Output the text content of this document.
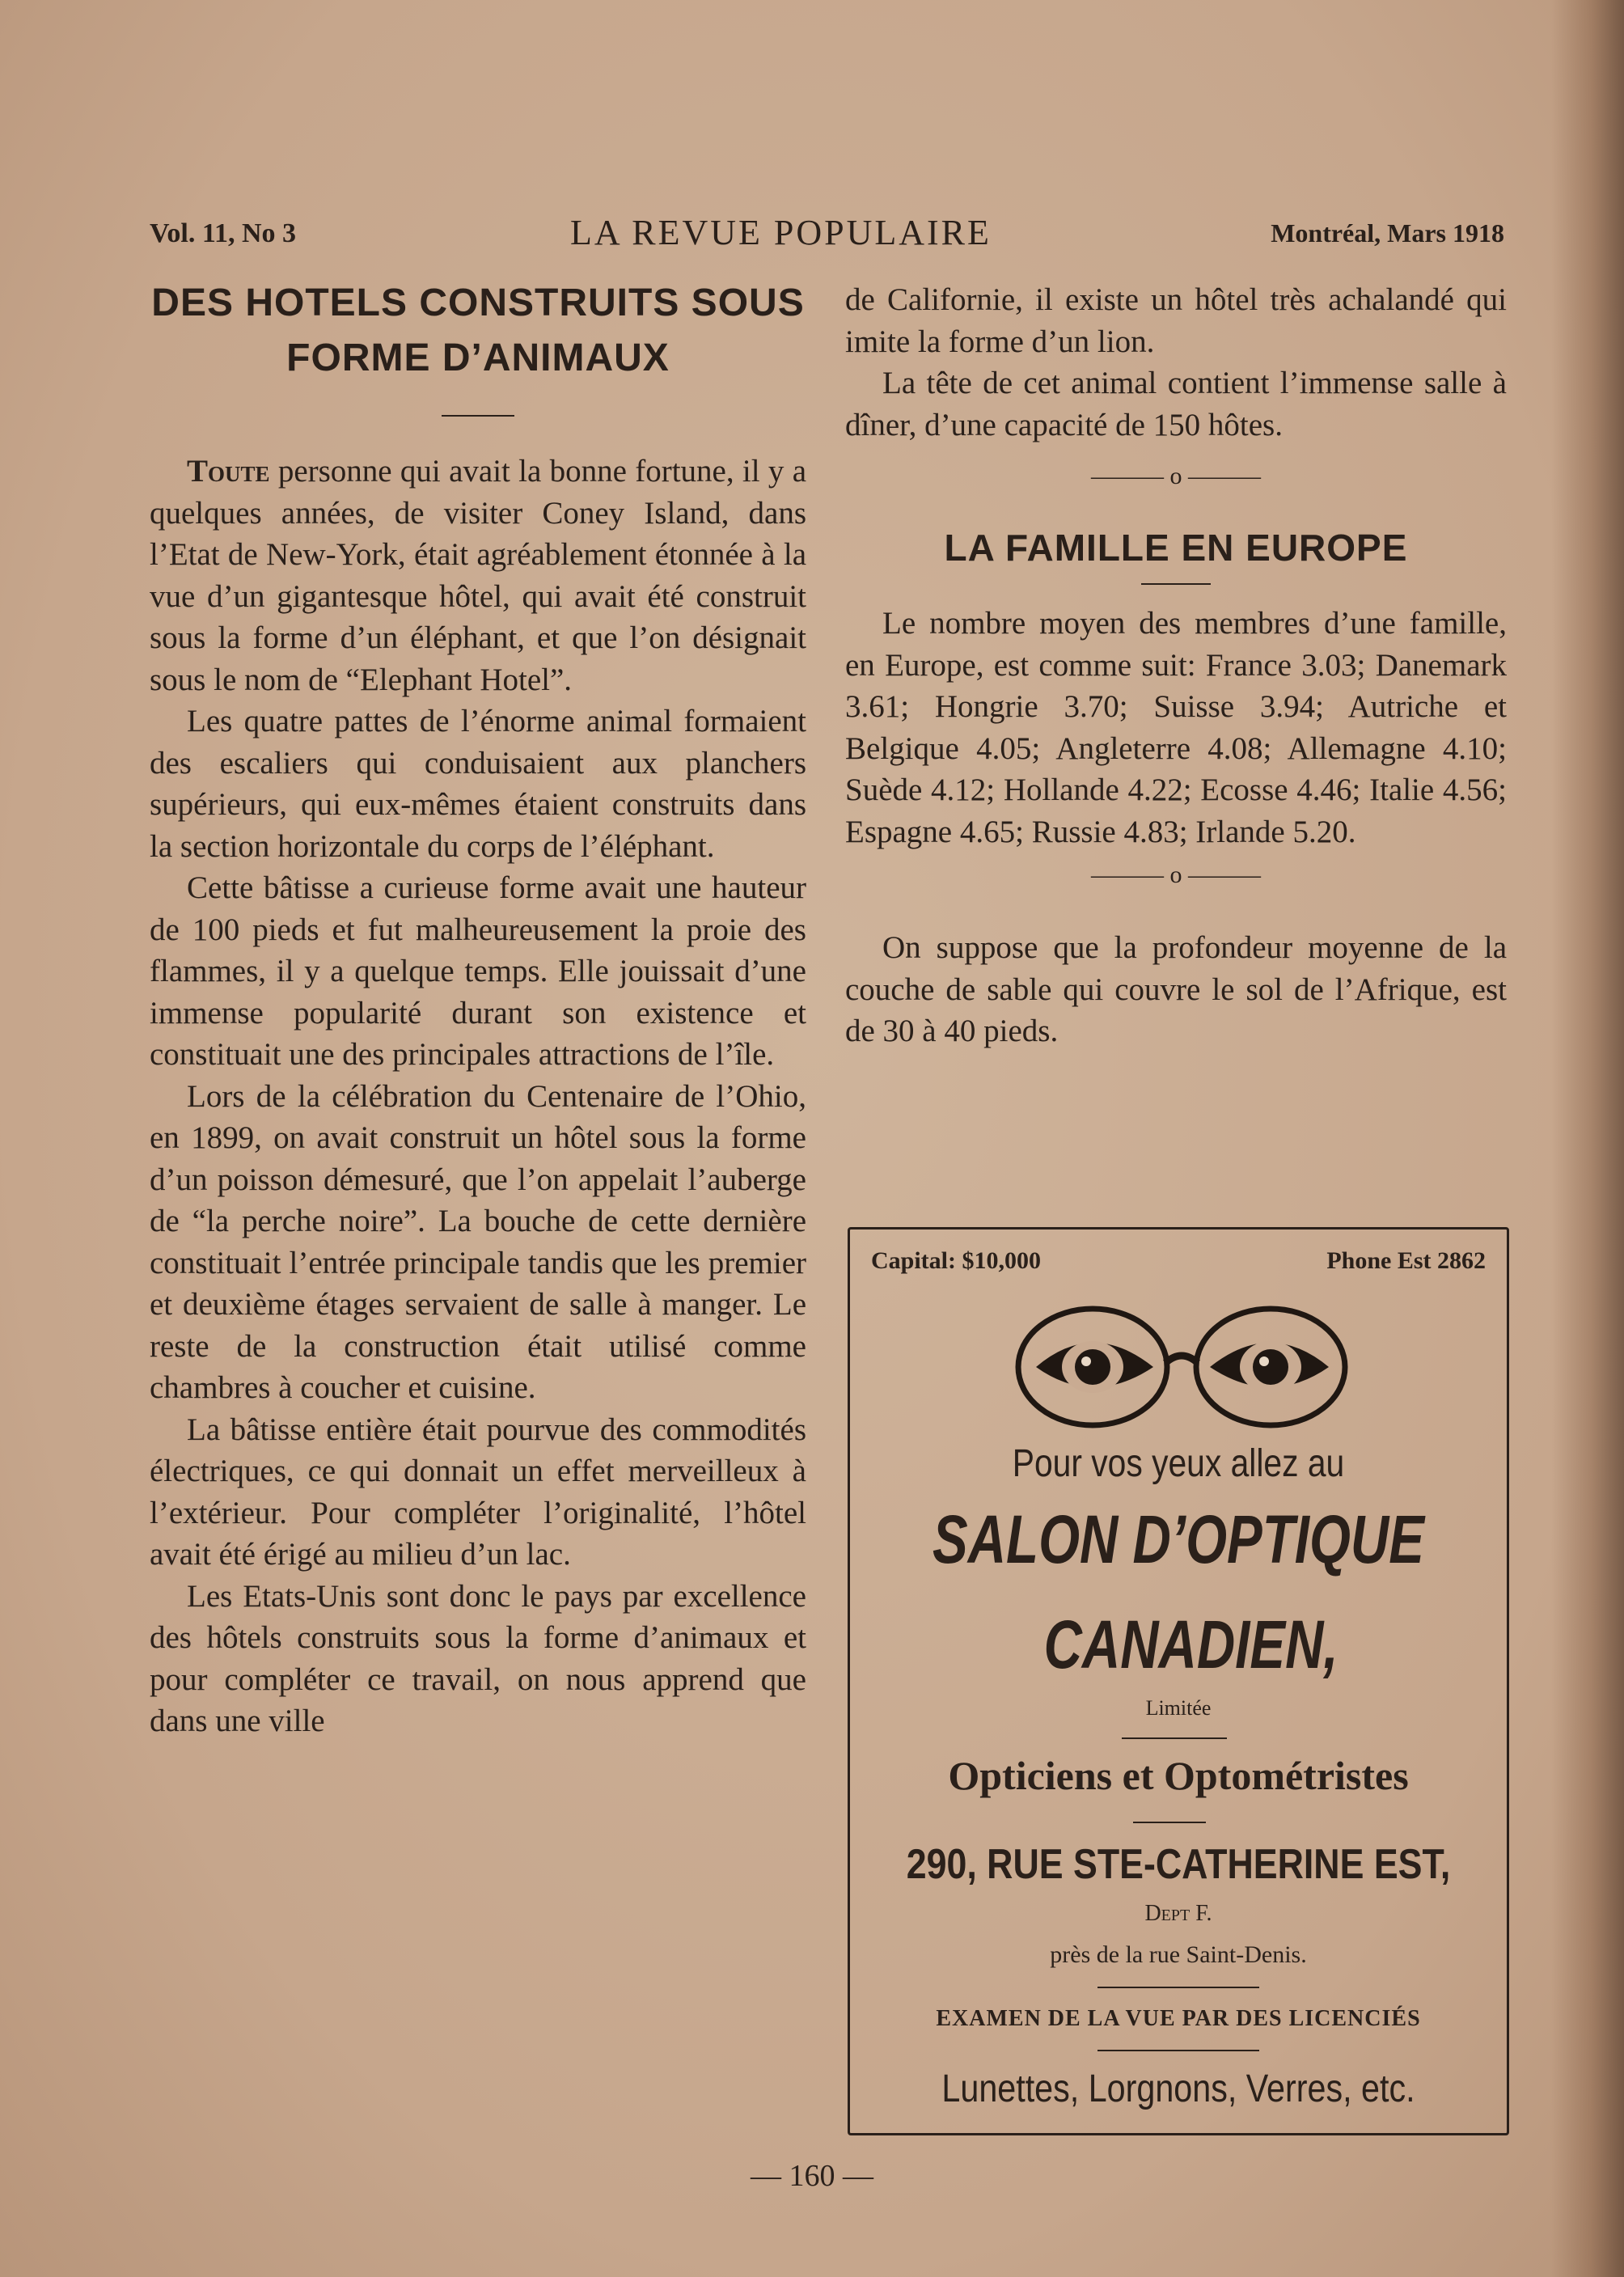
Vol. 11, No 3	LA REVUE POPULAIRE	Montréal, Mars 1918
DES HOTELS CONSTRUITS SOUS
FORME D’ANIMAUX

Toute personne qui avait la bonne fortune, il y a quelques années, de visiter Coney Island, dans l’Etat de New-York, était agréablement étonnée à la vue d’un gigantesque hôtel, qui avait été construit sous la forme d’un éléphant, et que l’on désignait sous le nom de “Elephant Hotel”.

Les quatre pattes de l’énorme animal formaient des escaliers qui conduisaient aux planchers supérieurs, qui eux-mêmes étaient construits dans la section horizontale du corps de l’éléphant.

Cette bâtisse a curieuse forme avait une hauteur de 100 pieds et fut malheureusement la proie des flammes, il y a quelque temps. Elle jouissait d’une immense popularité durant son existence et constituait une des principales attractions de l’île.

Lors de la célébration du Centenaire de l’Ohio, en 1899, on avait construit un hôtel sous la forme d’un poisson démesuré, que l’on appelait l’auberge de “la perche noire”. La bouche de cette dernière constituait l’entrée principale tandis que les premier et deuxième étages servaient de salle à manger. Le reste de la construction était utilisé comme chambres à coucher et cuisine.

La bâtisse entière était pourvue des commodités électriques, ce qui donnait un effet merveilleux à l’extérieur. Pour compléter l’originalité, l’hôtel avait été érigé au milieu d’un lac.

Les Etats-Unis sont donc le pays par excellence des hôtels construits sous la forme d’animaux et pour compléter ce travail, on nous apprend que dans une ville

de Californie, il existe un hôtel très achalandé qui imite la forme d’un lion.

La tête de cet animal contient l’immense salle à dîner, d’une capacité de 150 hôtes.

——— o ———
LA FAMILLE EN EUROPE

Le nombre moyen des membres d’une famille, en Europe, est comme suit: France 3.03; Danemark 3.61; Hongrie 3.70; Suisse 3.94; Autriche et Belgique 4.05; Angleterre 4.08; Allemagne 4.10; Suède 4.12; Hollande 4.22; Ecosse 4.46; Italie 4.56; Espagne 4.65; Russie 4.83; Irlande 5.20.

——— o ———

On suppose que la profondeur moyenne de la couche de sable qui couvre le sol de l’Afrique, est de 30 à 40 pieds.

Capital: $10,000	Phone Est 2862
Pour vos yeux allez au
SALON D’OPTIQUE
CANADIEN,
Limitée
Opticiens et Optométristes
290, RUE STE-CATHERINE EST,
Dept F.
près de la rue Saint-Denis.
EXAMEN DE LA VUE PAR DES LICENCIÉS
Lunettes, Lorgnons, Verres, etc.
— 160 —
